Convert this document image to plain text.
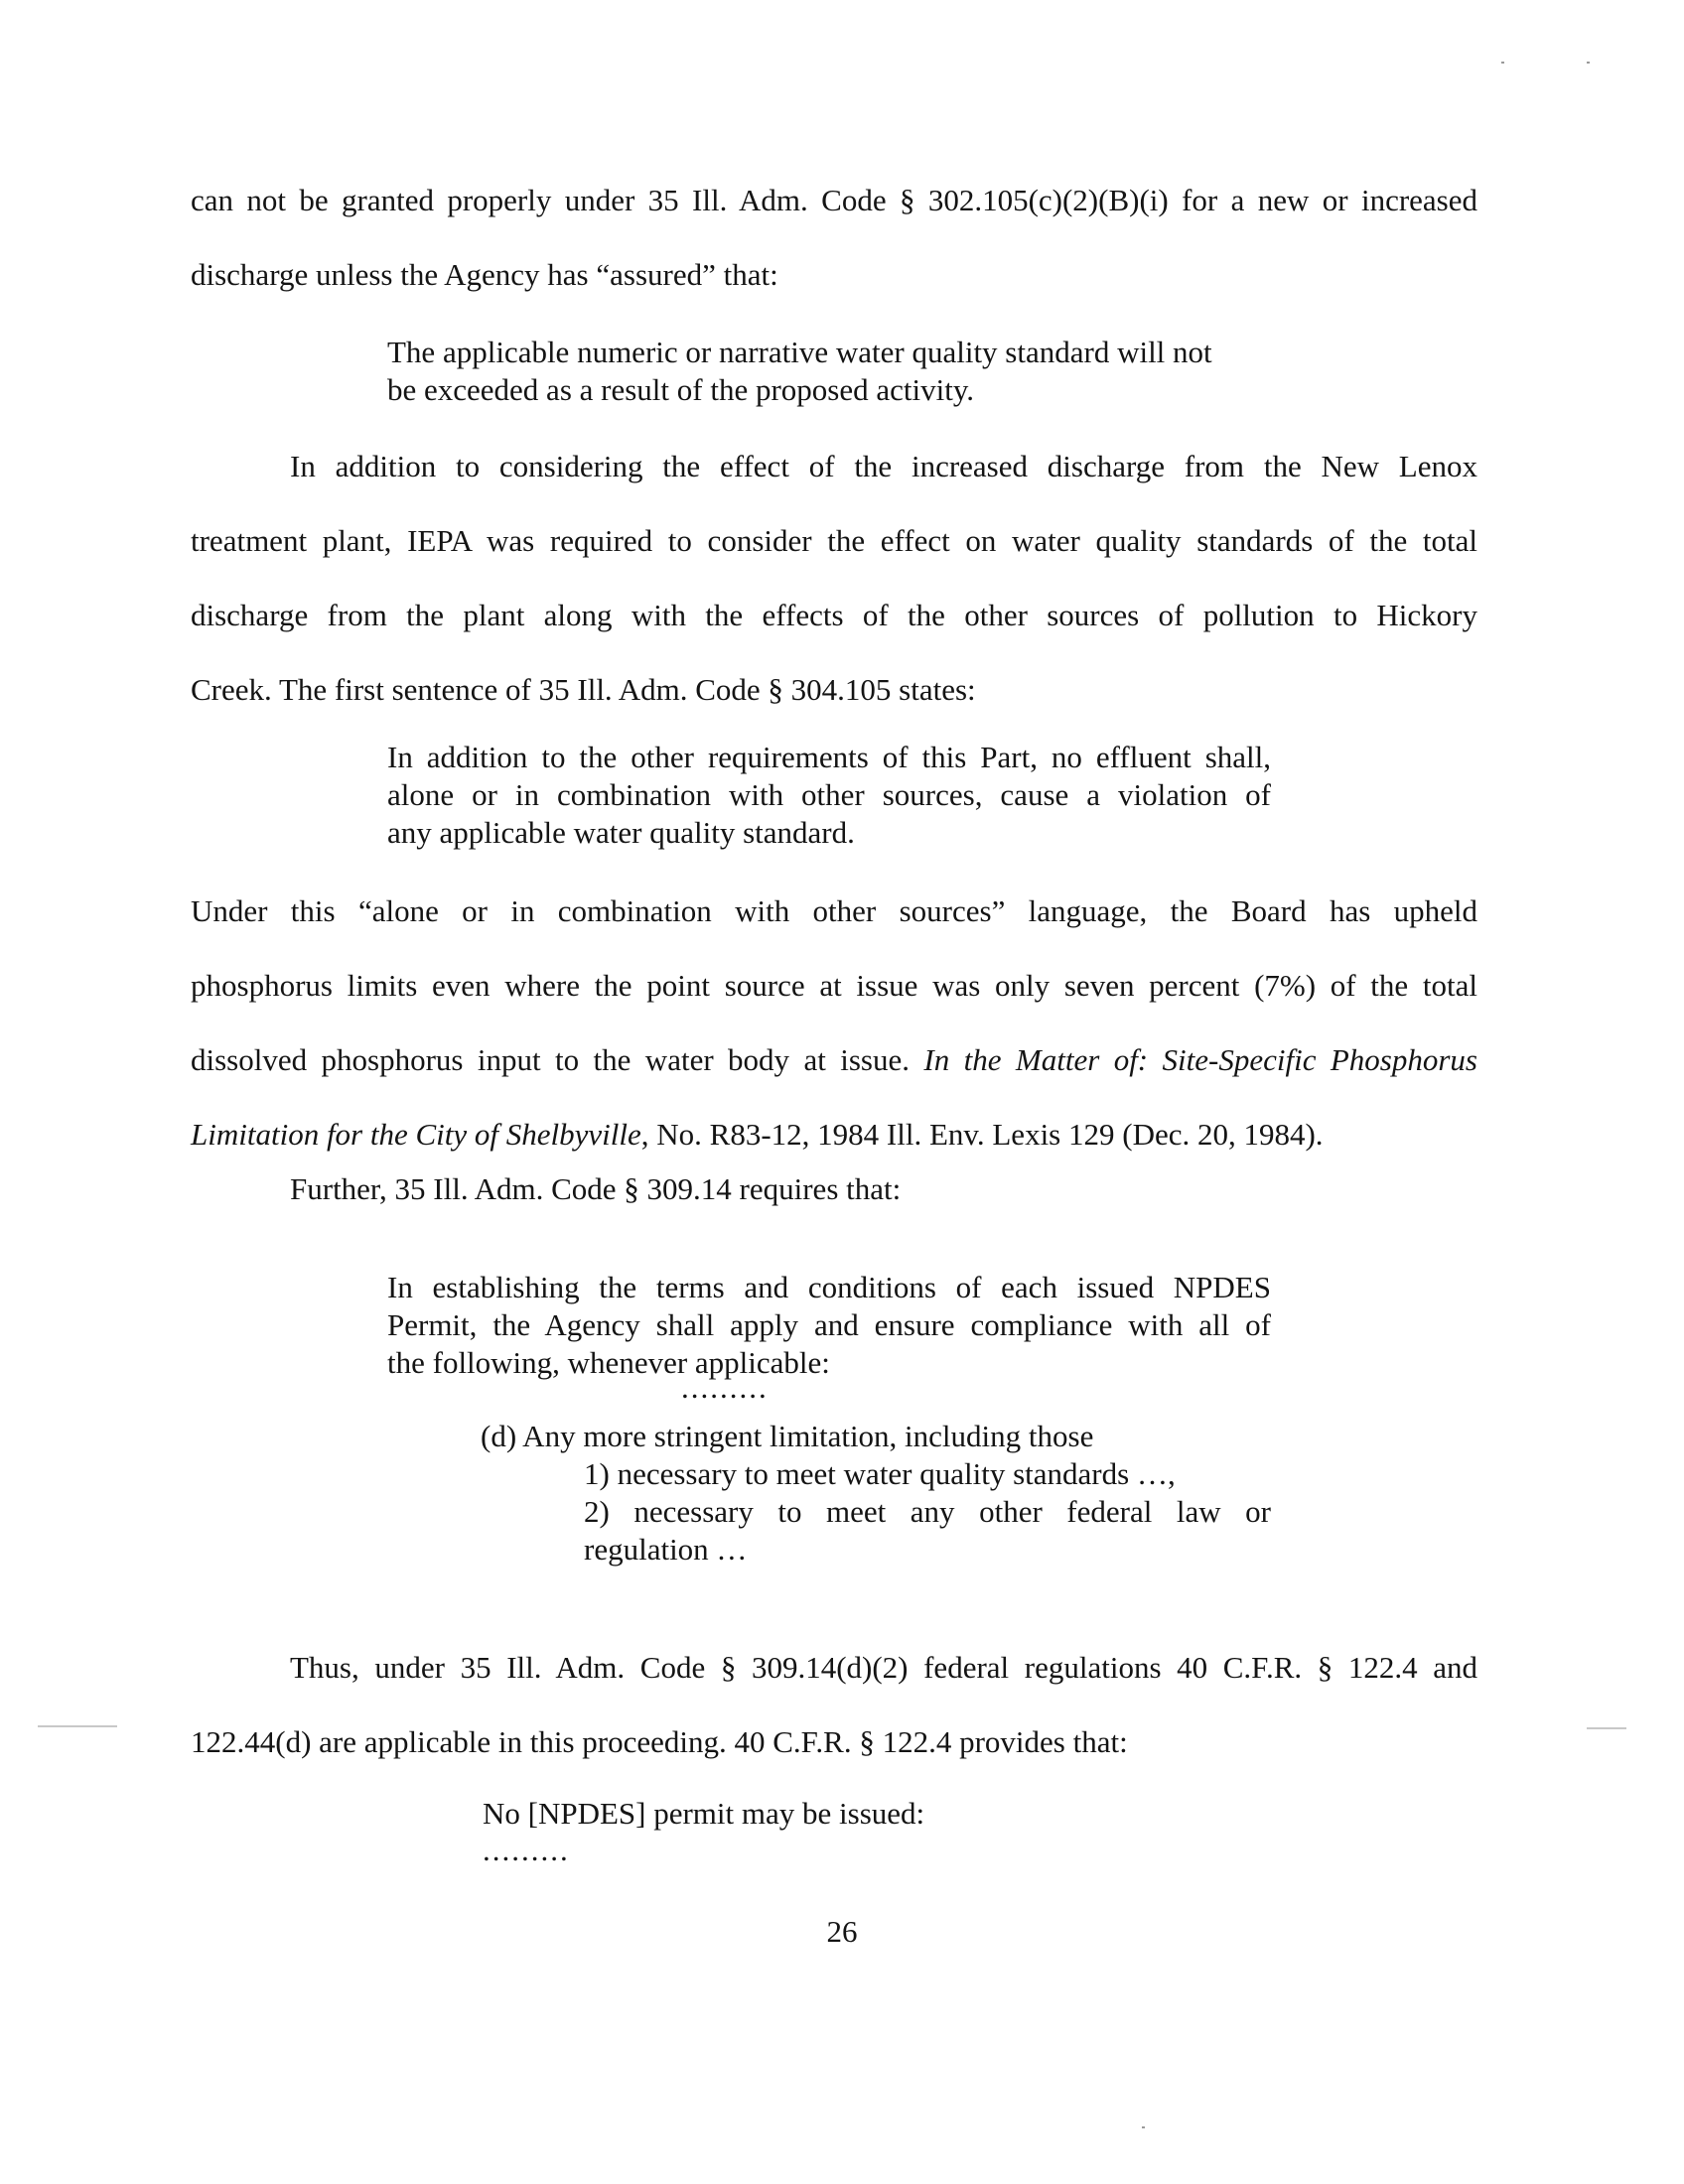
can not be granted properly under 35 Ill. Adm. Code § 302.105(c)(2)(B)(i) for a new or increased
discharge unless the Agency has “assured” that:

The applicable numeric or narrative water quality standard will not
be exceeded as a result of the proposed activity.

In addition to considering the effect of the increased discharge from the New Lenox
treatment plant, IEPA was required to consider the effect on water quality standards of the total
discharge from the plant along with the effects of the other sources of pollution to Hickory
Creek. The first sentence of 35 Ill. Adm. Code § 304.105 states:

In addition to the other requirements of this Part, no effluent shall,
alone or in combination with other sources, cause a violation of
any applicable water quality standard.

Under this “alone or in combination with other sources” language, the Board has upheld
phosphorus limits even where the point source at issue was only seven percent (7%) of the total
dissolved phosphorus input to the water body at issue. In the Matter of: Site-Specific Phosphorus
Limitation for the City of Shelbyville, No. R83-12, 1984 Ill. Env. Lexis 129 (Dec. 20, 1984).

Further, 35 Ill. Adm. Code § 309.14 requires that:

In establishing the terms and conditions of each issued NPDES
Permit, the Agency shall apply and ensure compliance with all of
the following, whenever applicable:
.........
(d) Any more stringent limitation, including those
1) necessary to meet water quality standards …,
2) necessary to meet any other federal law or
regulation …

Thus, under 35 Ill. Adm. Code § 309.14(d)(2) federal regulations 40 C.F.R. § 122.4 and
122.44(d) are applicable in this proceeding. 40 C.F.R. § 122.4 provides that:

No [NPDES] permit may be issued:
.........
26
